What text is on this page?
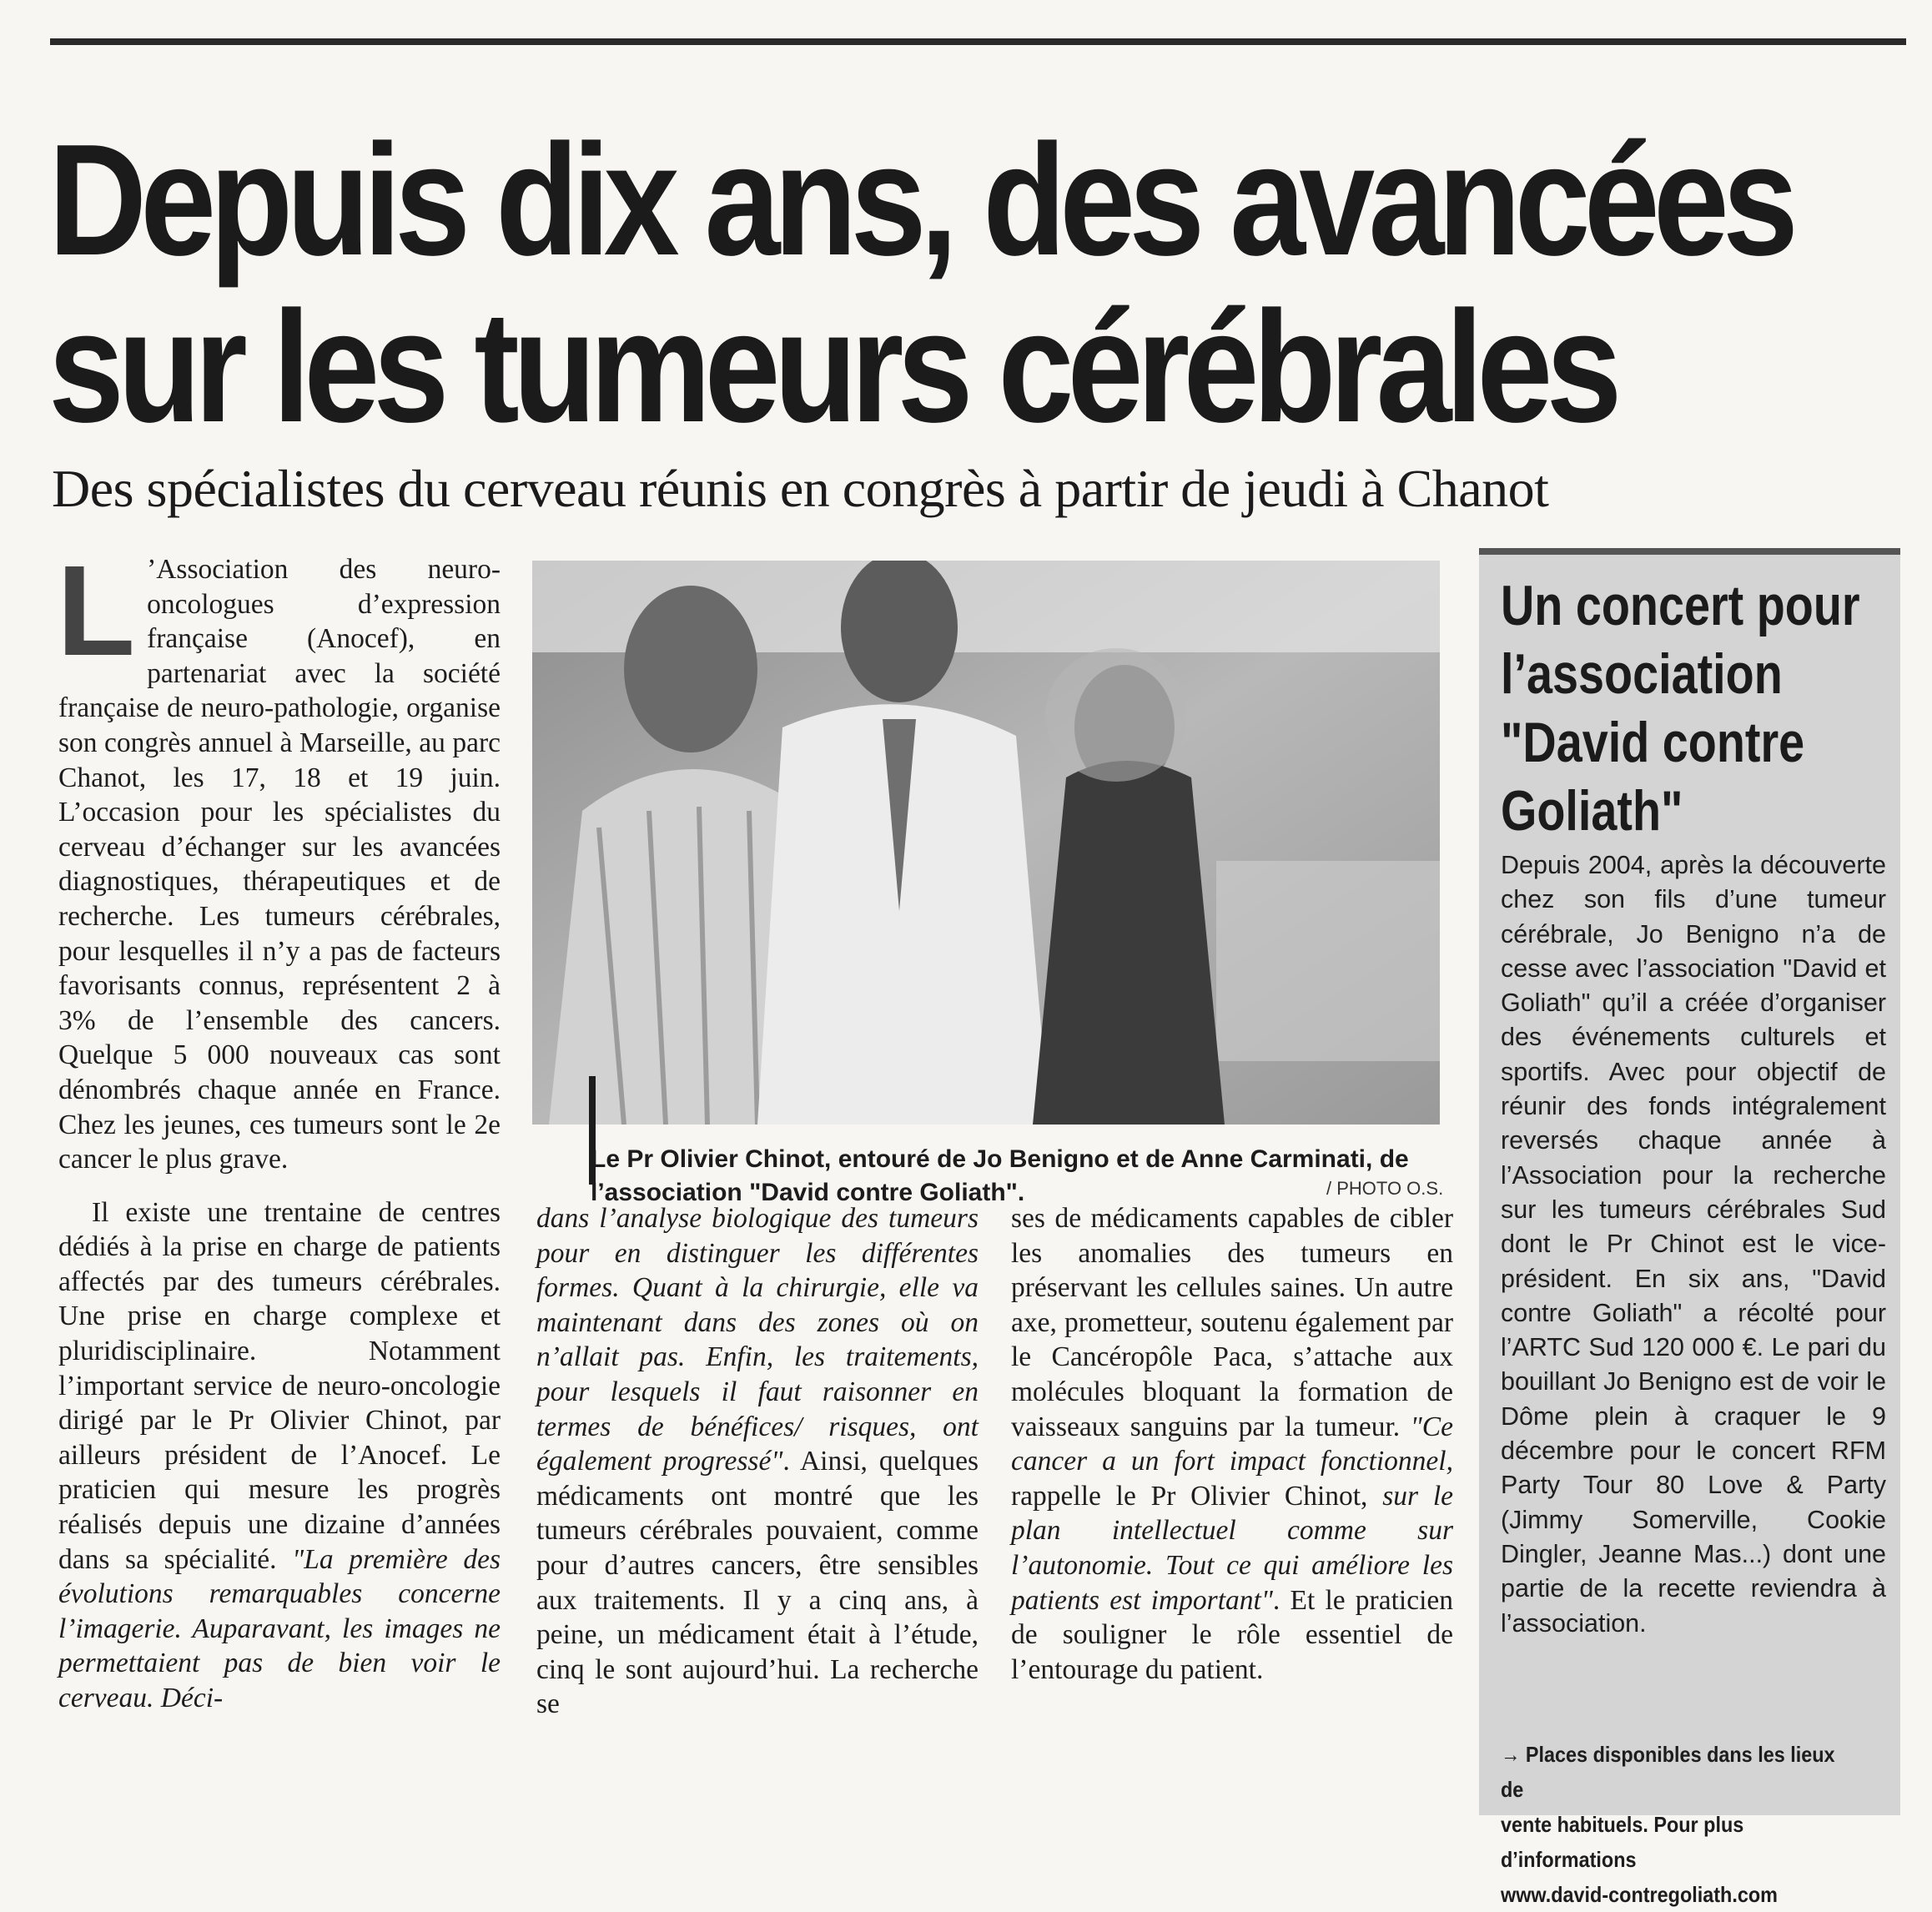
Depuis dix ans, des avancées
sur les tumeurs cérébrales
Des spécialistes du cerveau réunis en congrès à partir de jeudi à Chanot

L ’Association des neuro-oncologues d’expression française (Anocef), en partenariat avec la société française de neuro-pathologie, organise son congrès annuel à Marseille, au parc Chanot, les 17, 18 et 19 juin. L’occasion pour les spécialistes du cerveau d’échanger sur les avancées diagnostiques, thérapeutiques et de recherche. Les tumeurs cérébrales, pour lesquelles il n’y a pas de facteurs favorisants connus, représentent 2 à 3% de l’ensemble des cancers. Quelque 5 000 nouveaux cas sont dénombrés chaque année en France. Chez les jeunes, ces tumeurs sont le 2e cancer le plus grave.

Il existe une trentaine de centres dédiés à la prise en charge de patients affectés par des tumeurs cérébrales. Une prise en charge complexe et pluridisciplinaire. Notamment l’important service de neuro-oncologie dirigé par le Pr Olivier Chinot, par ailleurs président de l’Anocef. Le praticien qui mesure les progrès réalisés depuis une dizaine d’années dans sa spécialité. "La première des évolutions remarquables concerne l’imagerie. Auparavant, les images ne permettaient pas de bien voir le cerveau. Déci-

Le Pr Olivier Chinot, entouré de Jo Benigno et de Anne Carminati, de l’association "David contre Goliath".	/ PHOTO O.S.

dans l’analyse biologique des tumeurs pour en distinguer les différentes formes. Quant à la chirurgie, elle va maintenant dans des zones où on n’allait pas. Enfin, les traitements, pour lesquels il faut raisonner en termes de bénéfices/ risques, ont également progressé". Ainsi, quelques médicaments ont montré que les tumeurs cérébrales pouvaient, comme pour d’autres cancers, être sensibles aux traitements. Il y a cinq ans, à peine, un médicament était à l’étude, cinq le sont aujourd’hui. La recherche se

ses de médicaments capables de cibler les anomalies des tumeurs en préservant les cellules saines. Un autre axe, prometteur, soutenu également par le Cancéropôle Paca, s’attache aux molécules bloquant la formation de vaisseaux sanguins par la tumeur. "Ce cancer a un fort impact fonctionnel, rappelle le Pr Olivier Chinot, sur le plan intellectuel comme sur l’autonomie. Tout ce qui améliore les patients est important". Et le praticien de souligner le rôle essentiel de l’entourage du patient.

Un concert pour l’association "David contre Goliath"
Depuis 2004, après la découverte chez son fils d’une tumeur cérébrale, Jo Benigno n’a de cesse avec l’association "David et Goliath" qu’il a créée d’organiser des événements culturels et sportifs. Avec pour objectif de réunir des fonds intégralement reversés chaque année à l’Association pour la recherche sur les tumeurs cérébrales Sud dont le Pr Chinot est le vice-président. En six ans, "David contre Goliath" a récolté pour l’ARTC Sud 120 000 €. Le pari du bouillant Jo Benigno est de voir le Dôme plein à craquer le 9 décembre pour le concert RFM Party Tour 80 Love & Party (Jimmy Somerville, Cookie Dingler, Jeanne Mas...) dont une partie de la recette reviendra à l’association.
→ Places disponibles dans les lieux de
vente habituels. Pour plus
d’informations
www.david-contregoliath.com
